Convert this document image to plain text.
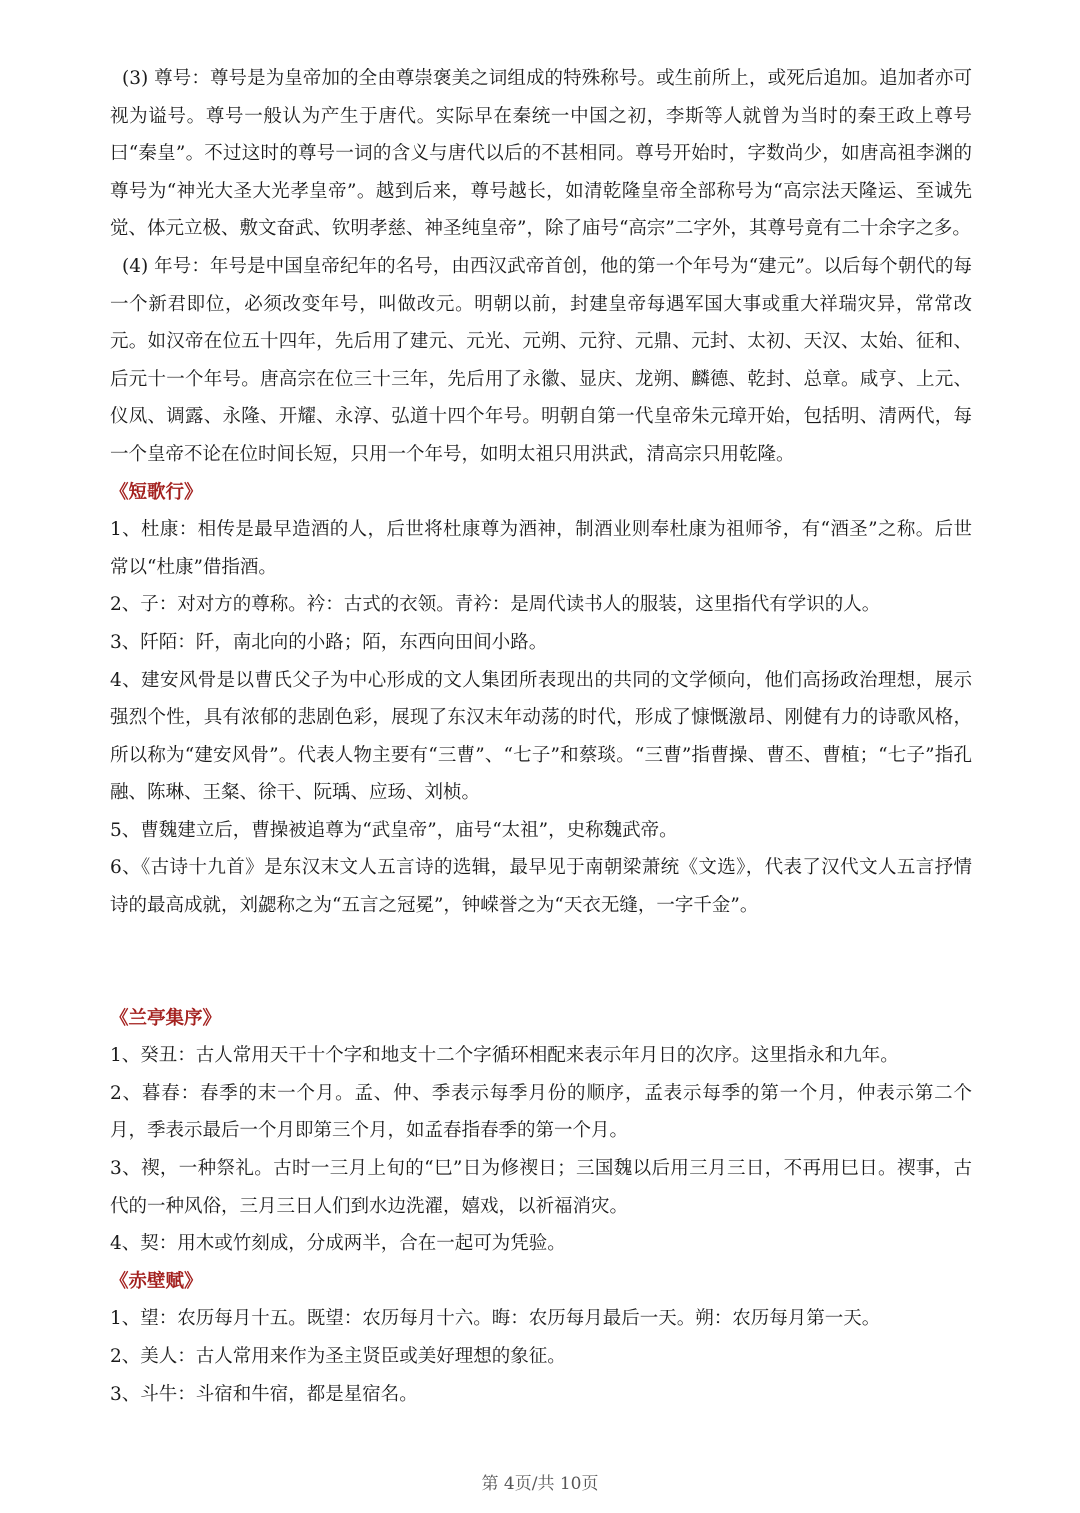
(3) 尊号：尊号是为皇帝加的全由尊崇褒美之词组成的特殊称号。或生前所上，或死后追加。追加者亦可视为谥号。尊号一般认为产生于唐代。实际早在秦统一中国之初，李斯等人就曾为当时的秦王政上尊号曰“秦皇”。不过这时的尊号一词的含义与唐代以后的不甚相同。尊号开始时，字数尚少，如唐高祖李渊的尊号为“神光大圣大光孝皇帝”。越到后来，尊号越长，如清乾隆皇帝全部称号为“高宗法天隆运、至诚先觉、体元立极、敷文奋武、钦明孝慈、神圣纯皇帝”，除了庙号“高宗”二字外，其尊号竟有二十余字之多。

(4) 年号：年号是中国皇帝纪年的名号，由西汉武帝首创，他的第一个年号为“建元”。以后每个朝代的每一个新君即位，必须改变年号，叫做改元。明朝以前，封建皇帝每遇军国大事或重大祥瑞灾异，常常改元。如汉帝在位五十四年，先后用了建元、元光、元朔、元狩、元鼎、元封、太初、天汉、太始、征和、后元十一个年号。唐高宗在位三十三年，先后用了永徽、显庆、龙朔、麟德、乾封、总章。咸亨、上元、仪凤、调露、永隆、开耀、永淳、弘道十四个年号。明朝自第一代皇帝朱元璋开始，包括明、清两代，每一个皇帝不论在位时间长短，只用一个年号，如明太祖只用洪武，清高宗只用乾隆。

《短歌行》

1、杜康：相传是最早造酒的人，后世将杜康尊为酒神，制酒业则奉杜康为祖师爷，有“酒圣”之称。后世常以“杜康”借指酒。

2、子：对对方的尊称。衿：古式的衣领。青衿：是周代读书人的服装，这里指代有学识的人。

3、阡陌：阡，南北向的小路；陌，东西向田间小路。

4、建安风骨是以曹氏父子为中心形成的文人集团所表现出的共同的文学倾向，他们高扬政治理想，展示强烈个性，具有浓郁的悲剧色彩，展现了东汉末年动荡的时代，形成了慷慨激昂、刚健有力的诗歌风格，所以称为“建安风骨”。代表人物主要有“三曹”、“七子”和蔡琰。“三曹”指曹操、曹丕、曹植；“七子”指孔融、陈琳、王粲、徐干、阮瑀、应玚、刘桢。

5、曹魏建立后，曹操被追尊为“武皇帝”，庙号“太祖”，史称魏武帝。

6、《古诗十九首》是东汉末文人五言诗的选辑，最早见于南朝梁萧统《文选》，代表了汉代文人五言抒情诗的最高成就，刘勰称之为“五言之冠冕”，钟嵘誉之为“天衣无缝，一字千金”。

《兰亭集序》

1、癸丑：古人常用天干十个字和地支十二个字循环相配来表示年月日的次序。这里指永和九年。

2、暮春：春季的末一个月。孟、仲、季表示每季月份的顺序，孟表示每季的第一个月，仲表示第二个月，季表示最后一个月即第三个月，如孟春指春季的第一个月。

3、禊，一种祭礼。古时一三月上旬的“巳”日为修禊日；三国魏以后用三月三日，不再用巳日。禊事，古代的一种风俗，三月三日人们到水边洗濯，嬉戏，以祈福消灾。

4、契：用木或竹刻成，分成两半，合在一起可为凭验。

《赤壁赋》

1、望：农历每月十五。既望：农历每月十六。晦：农历每月最后一天。朔：农历每月第一天。

2、美人：古人常用来作为圣主贤臣或美好理想的象征。

3、斗牛：斗宿和牛宿，都是星宿名。

第 4页/共 10页
